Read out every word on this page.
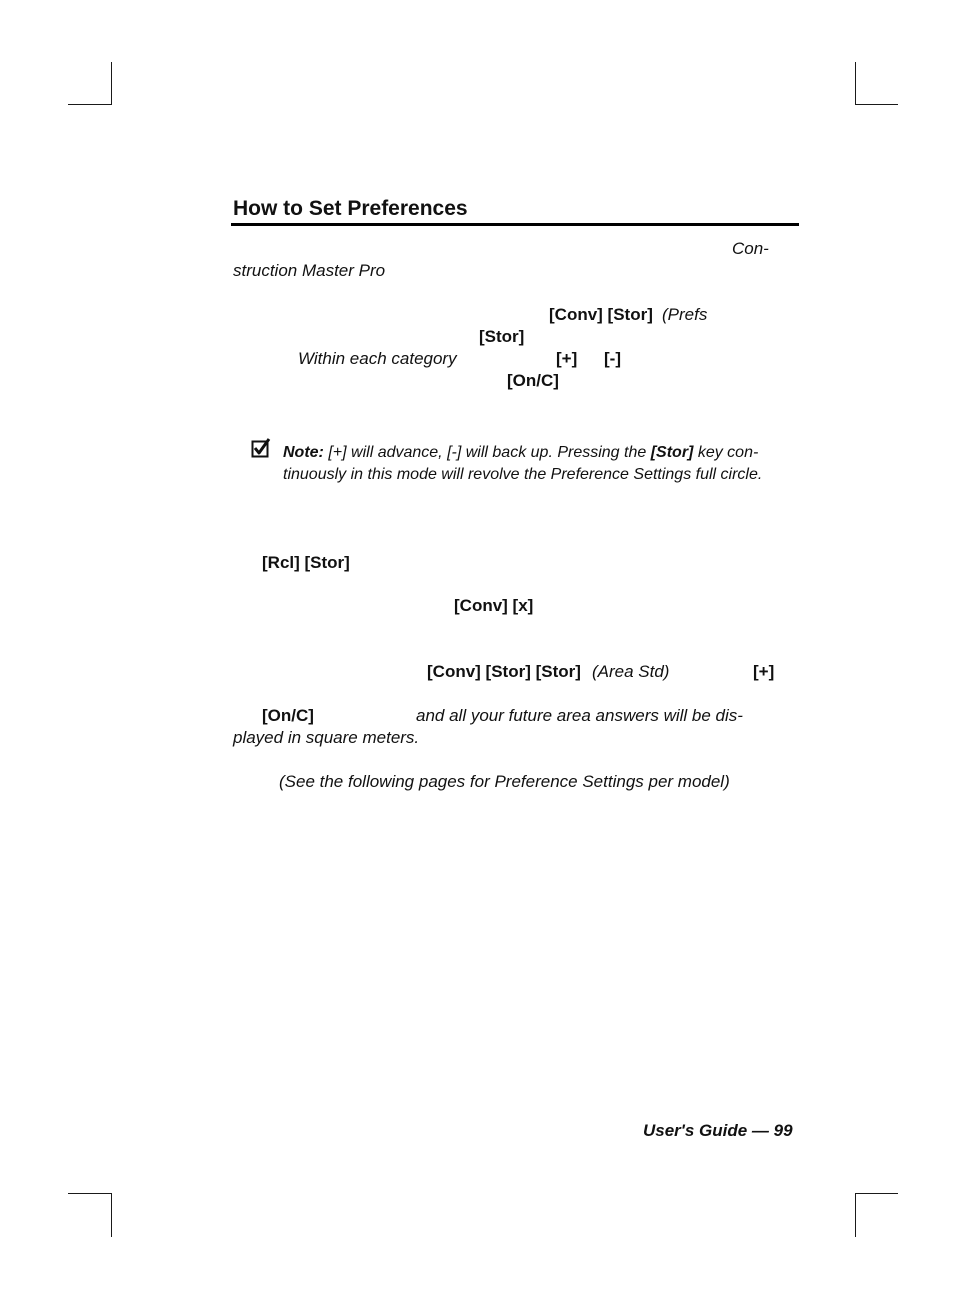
How to Set Preferences
Con-
struction Master Pro
[Conv] [Stor] (Prefs
[Stor]
Within each category	[+] [-]
[On/C]
Note: [+] will advance, [-] will back up. Pressing the [Stor] key con-
tinuously in this mode will revolve the Preference Settings full circle.
[Rcl] [Stor]
[Conv] [x]
[Conv] [Stor] [Stor] (Area Std)	[+]
[On/C]	and all your future area answers will be dis-
played in square meters.
(See the following pages for Preference Settings per model)
User's Guide — 99
